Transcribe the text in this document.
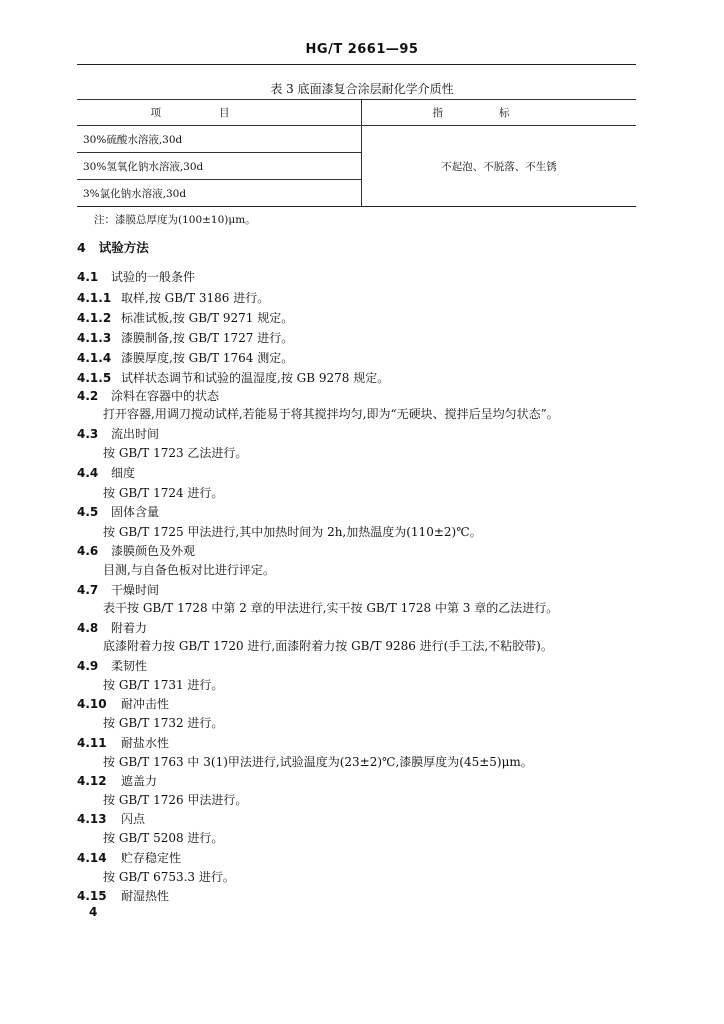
HG/T 2661—95
表 3 底面漆复合涂层耐化学介质性
项目	指标
30%硫酸水溶液,30d	不起泡、不脱落、不生锈
30%氢氧化钠水溶液,30d	
3%氯化钠水溶液,30d	
注：漆膜总厚度为(100±10)μm。
4 试验方法
4.1 试验的一般条件
4.1.1 取样,按 GB/T 3186 进行。
4.1.2 标准试板,按 GB/T 9271 规定。
4.1.3 漆膜制备,按 GB/T 1727 进行。
4.1.4 漆膜厚度,按 GB/T 1764 测定。
4.1.5 试样状态调节和试验的温湿度,按 GB 9278 规定。
4.2 涂料在容器中的状态
打开容器,用调刀搅动试样,若能易于将其搅拌均匀,即为“无硬块、搅拌后呈均匀状态”。
4.3 流出时间
按 GB/T 1723 乙法进行。
4.4 细度
按 GB/T 1724 进行。
4.5 固体含量
按 GB/T 1725 甲法进行,其中加热时间为 2h,加热温度为(110±2)℃。
4.6 漆膜颜色及外观
目测,与自备色板对比进行评定。
4.7 干燥时间
表干按 GB/T 1728 中第 2 章的甲法进行,实干按 GB/T 1728 中第 3 章的乙法进行。
4.8 附着力
底漆附着力按 GB/T 1720 进行,面漆附着力按 GB/T 9286 进行(手工法,不粘胶带)。
4.9 柔韧性
按 GB/T 1731 进行。
4.10 耐冲击性
按 GB/T 1732 进行。
4.11 耐盐水性
按 GB/T 1763 中 3(1)甲法进行,试验温度为(23±2)℃,漆膜厚度为(45±5)μm。
4.12 遮盖力
按 GB/T 1726 甲法进行。
4.13 闪点
按 GB/T 5208 进行。
4.14 贮存稳定性
按 GB/T 6753.3 进行。
4.15 耐湿热性
4
